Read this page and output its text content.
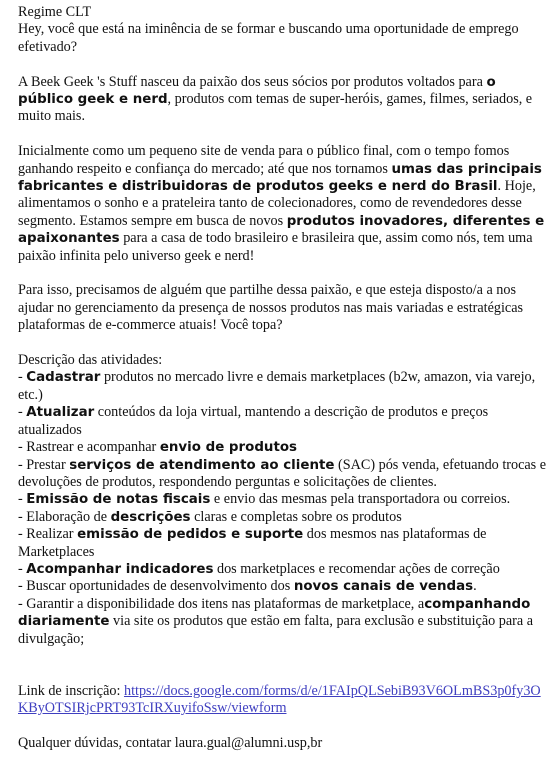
Regime CLT

Hey, você que está na iminência de se formar e buscando uma oportunidade de emprego efetivado?

A Beek Geek 's Stuff nasceu da paixão dos seus sócios por produtos voltados para o público geek e nerd, produtos com temas de super-heróis, games, filmes, seriados, e muito mais.

Inicialmente como um pequeno site de venda para o público final, com o tempo fomos ganhando respeito e confiança do mercado; até que nos tornamos umas das principais fabricantes e distribuidoras de produtos geeks e nerd do Brasil. Hoje, alimentamos o sonho e a prateleira tanto de colecionadores, como de revendedores desse segmento. Estamos sempre em busca de novos produtos inovadores, diferentes e apaixonantes para a casa de todo brasileiro e brasileira que, assim como nós, tem uma paixão infinita pelo universo geek e nerd!

Para isso, precisamos de alguém que partilhe dessa paixão, e que esteja disposto/a a nos ajudar no gerenciamento da presença de nossos produtos nas mais variadas e estratégicas plataformas de e-commerce atuais! Você topa?

Descrição das atividades:

- Cadastrar produtos no mercado livre e demais marketplaces (b2w, amazon, via varejo, etc.)

- Atualizar conteúdos da loja virtual, mantendo a descrição de produtos e preços atualizados

- Rastrear e acompanhar envio de produtos

- Prestar serviços de atendimento ao cliente (SAC) pós venda, efetuando trocas e devoluções de produtos, respondendo perguntas e solicitações de clientes.

- Emissão de notas fiscais e envio das mesmas pela transportadora ou correios.

- Elaboração de descrições claras e completas sobre os produtos

- Realizar emissão de pedidos e suporte dos mesmos nas plataformas de Marketplaces

- Acompanhar indicadores dos marketplaces e recomendar ações de correção

- Buscar oportunidades de desenvolvimento dos novos canais de vendas.

- Garantir a disponibilidade dos itens nas plataformas de marketplace, acompanhando diariamente via site os produtos que estão em falta, para exclusão e substituição para a divulgação;

Link de inscrição: https://docs.google.com/forms/d/e/1FAIpQLSebiB93V6OLmBS3p0fy3OKByOTSIRjcPRT93TcIRXuyifoSsw/viewform

Qualquer dúvidas, contatar laura.gual@alumni.usp,br
